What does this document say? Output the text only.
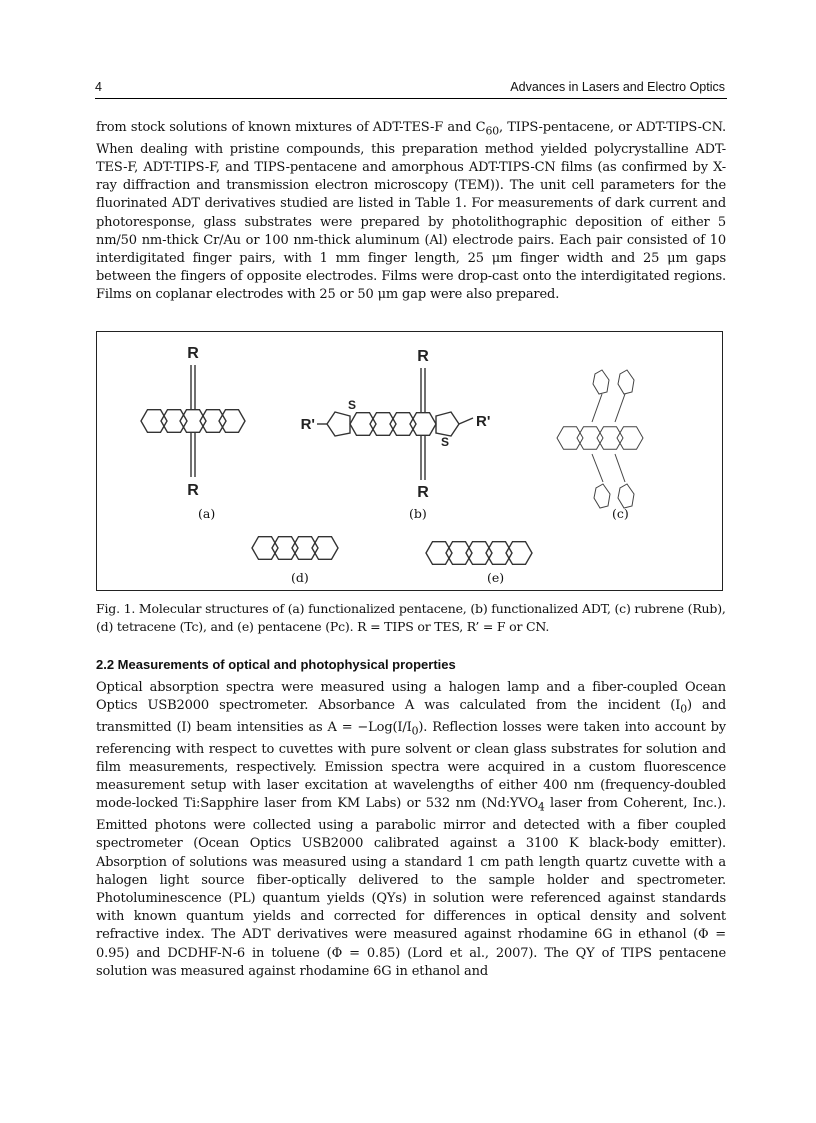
4	Advances in Lasers and Electro Optics

from stock solutions of known mixtures of ADT-TES-F and $C_{60}$, TIPS-pentacene, or ADT-TIPS-CN. When dealing with pristine compounds, this preparation method yielded polycrystalline ADT-TES-F, ADT-TIPS-F, and TIPS-pentacene and amorphous ADT-TIPS-CN films (as confirmed by X-ray diffraction and transmission electron microscopy (TEM)). The unit cell parameters for the fluorinated ADT derivatives studied are listed in Table 1. For measurements of dark current and photoresponse, glass substrates were prepared by photolithographic deposition of either 5 nm/50 nm-thick Cr/Au or 100 nm-thick aluminum (Al) electrode pairs. Each pair consisted of 10 interdigitated finger pairs, with 1 mm finger length, 25 μm finger width and 25 μm gaps between the fingers of opposite electrodes. Films were drop-cast onto the interdigitated regions. Films on coplanar electrodes with 25 or 50 μm gap were also prepared.

R
R
S
S
R'	R'
R
R
(a)	(b)	(c)
(d)	(e)

Fig. 1. Molecular structures of (a) functionalized pentacene, (b) functionalized ADT, (c) rubrene (Rub), (d) tetracene (Tc), and (e) pentacene (Pc). R = TIPS or TES, R’ = F or CN.

2.2 Measurements of optical and photophysical properties

Optical absorption spectra were measured using a halogen lamp and a fiber-coupled Ocean Optics USB2000 spectrometer. Absorbance A was calculated from the incident $(I_0)$ and transmitted (I) beam intensities as $A = -Log(I/I_0)$. Reflection losses were taken into account by referencing with respect to cuvettes with pure solvent or clean glass substrates for solution and film measurements, respectively. Emission spectra were acquired in a custom fluorescence measurement setup with laser excitation at wavelengths of either 400 nm (frequency-doubled mode-locked Ti:Sapphire laser from KM Labs) or 532 nm ($Nd:YVO_4$ laser from Coherent, Inc.). Emitted photons were collected using a parabolic mirror and detected with a fiber coupled spectrometer (Ocean Optics USB2000 calibrated against a 3100 K black-body emitter). Absorption of solutions was measured using a standard 1 cm path length quartz cuvette with a halogen light source fiber-optically delivered to the sample holder and spectrometer. Photoluminescence (PL) quantum yields (QYs) in solution were referenced against standards with known quantum yields and corrected for differences in optical density and solvent refractive index. The ADT derivatives were measured against rhodamine 6G in ethanol (Φ = 0.95) and DCDHF-N-6 in toluene (Φ = 0.85) (Lord et al., 2007). The QY of TIPS pentacene solution was measured against rhodamine 6G in ethanol and
